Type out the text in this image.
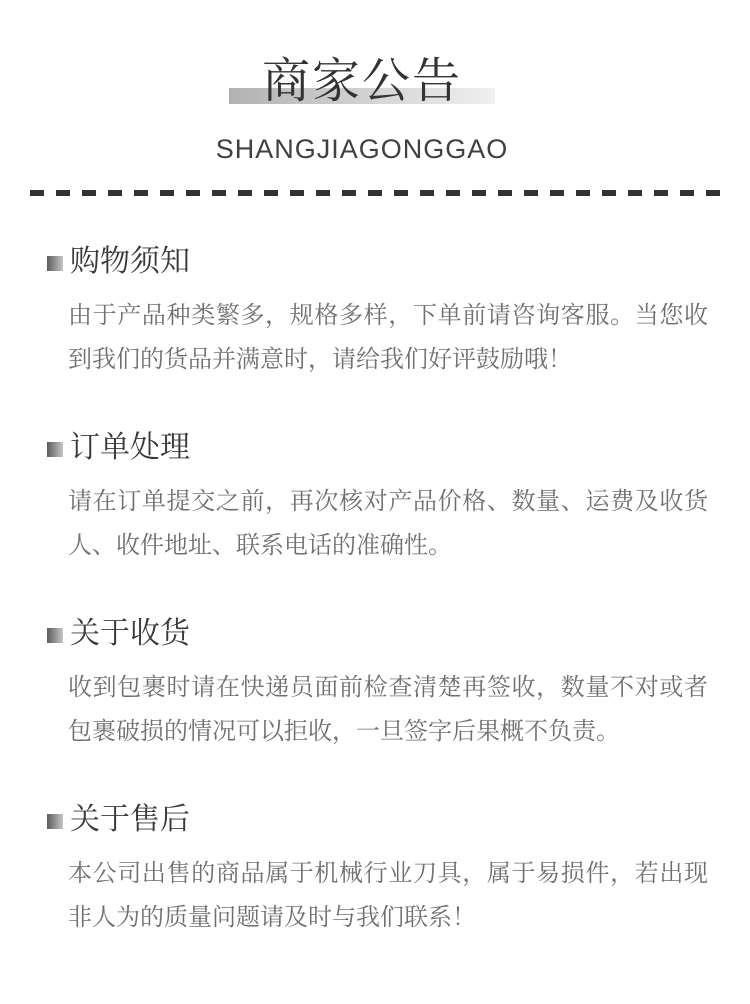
商家公告
SHANGJIAGONGGAO
购物须知

由于产品种类繁多，规格多样，下单前请咨询客服。当您收到我们的货品并满意时，请给我们好评鼓励哦！

订单处理

请在订单提交之前，再次核对产品价格、数量、运费及收货人、收件地址、联系电话的准确性。

关于收货

收到包裹时请在快递员面前检查清楚再签收，数量不对或者包裹破损的情况可以拒收，一旦签字后果概不负责。

关于售后

本公司出售的商品属于机械行业刀具，属于易损件，若出现非人为的质量问题请及时与我们联系！
